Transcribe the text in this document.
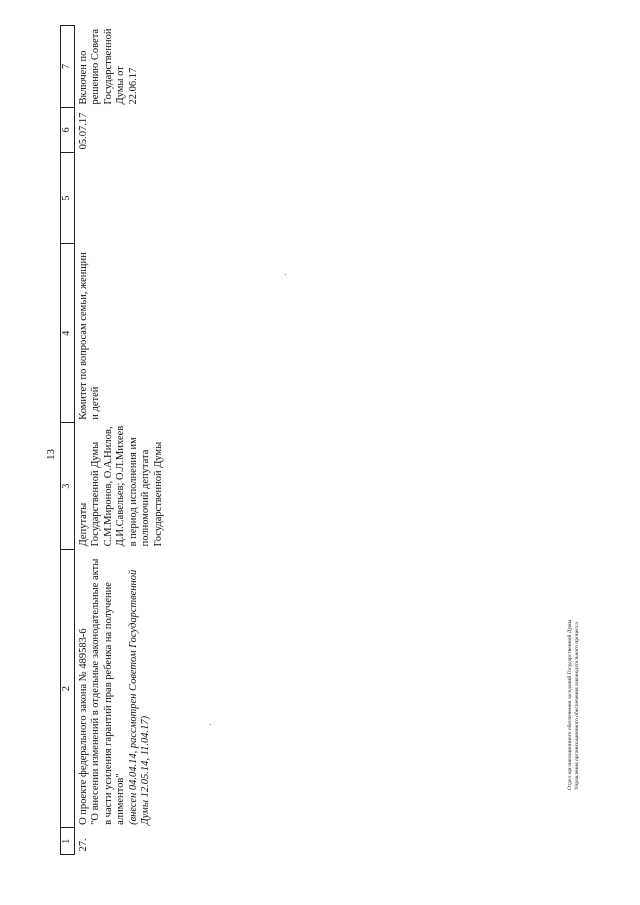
13
1	2	3	4	5	6	7
27.	О проекте федерального закона № 489583-6 "О внесении изменений в отдельные законодательные акты в части усиления гарантий прав ребенка на получение алиментов" (внесен 04.04.14, рассмотрен Советом Государственной Думы 12.05.14, 11.04.17)	Депутаты Государственной Думы С.М.Миронов, О.А.Нилов, Д.И.Савельев; О.Л.Михеев в период исполнения им полномочий депутата Государственной Думы	Комитет по вопросам семьи, женщин и детей		05.07.17	Включен по решению Совета Государственной Думы от 22.06.17
Отдел организационного обеспечения заседаний Государственной Думы Управления организационного обеспечения законодательного процесса
